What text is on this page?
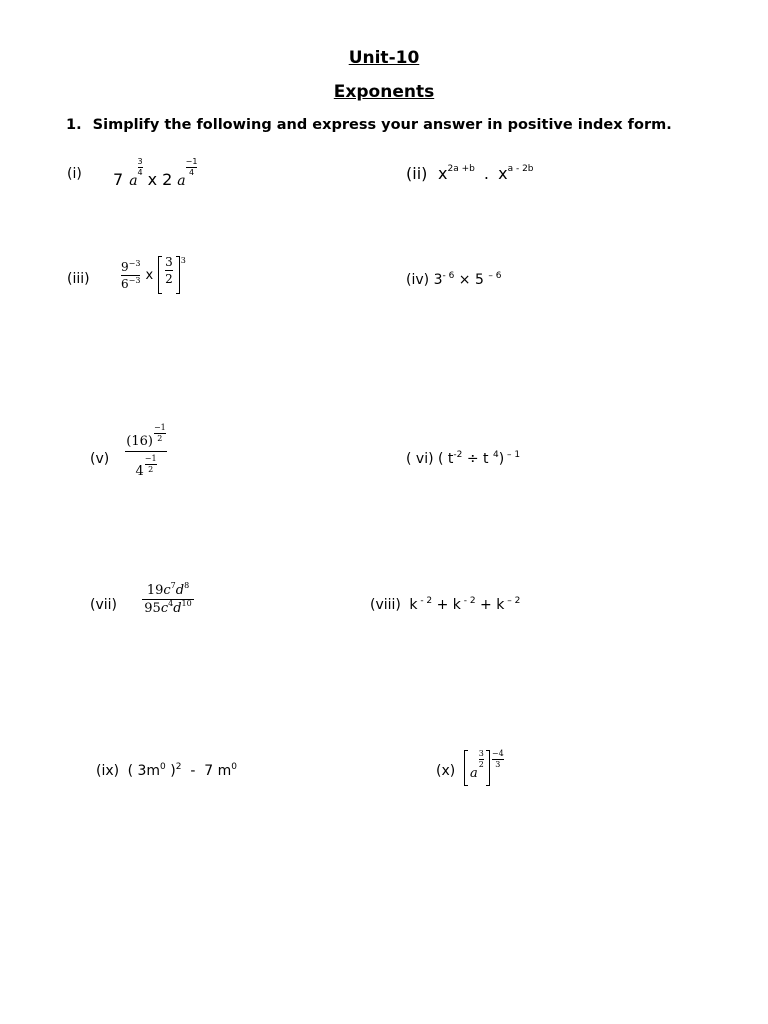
Unit-10
Exponents
1. Simplify the following and express your answer in positive index form.
(i) 7 a
3
4 x 2 a
−1
4	(ii) $x^{2a +b}$ . $x^{a - 2b}$
(iii)	$\frac{9^{-3}}{6^{-3}}$ x $\frac{3}{2} 3$
(iv) $3^{- 6} \times 5$ $^{- 6}$
(v)
(16)
−1
2
4
−1
2
( vi) ( $t^{-2} \div t$ $^4$) $^{- 1}$
(vii)
$19c^7d^8$
$95c^4d^{10}$	(viii) k $^{- 2}$ + k $^{- 2}$ + k $^{- 2}$
(ix) ( $3m^0$ )$^2$  -  7 $m^0$	(x) a
3
2
−4
3
